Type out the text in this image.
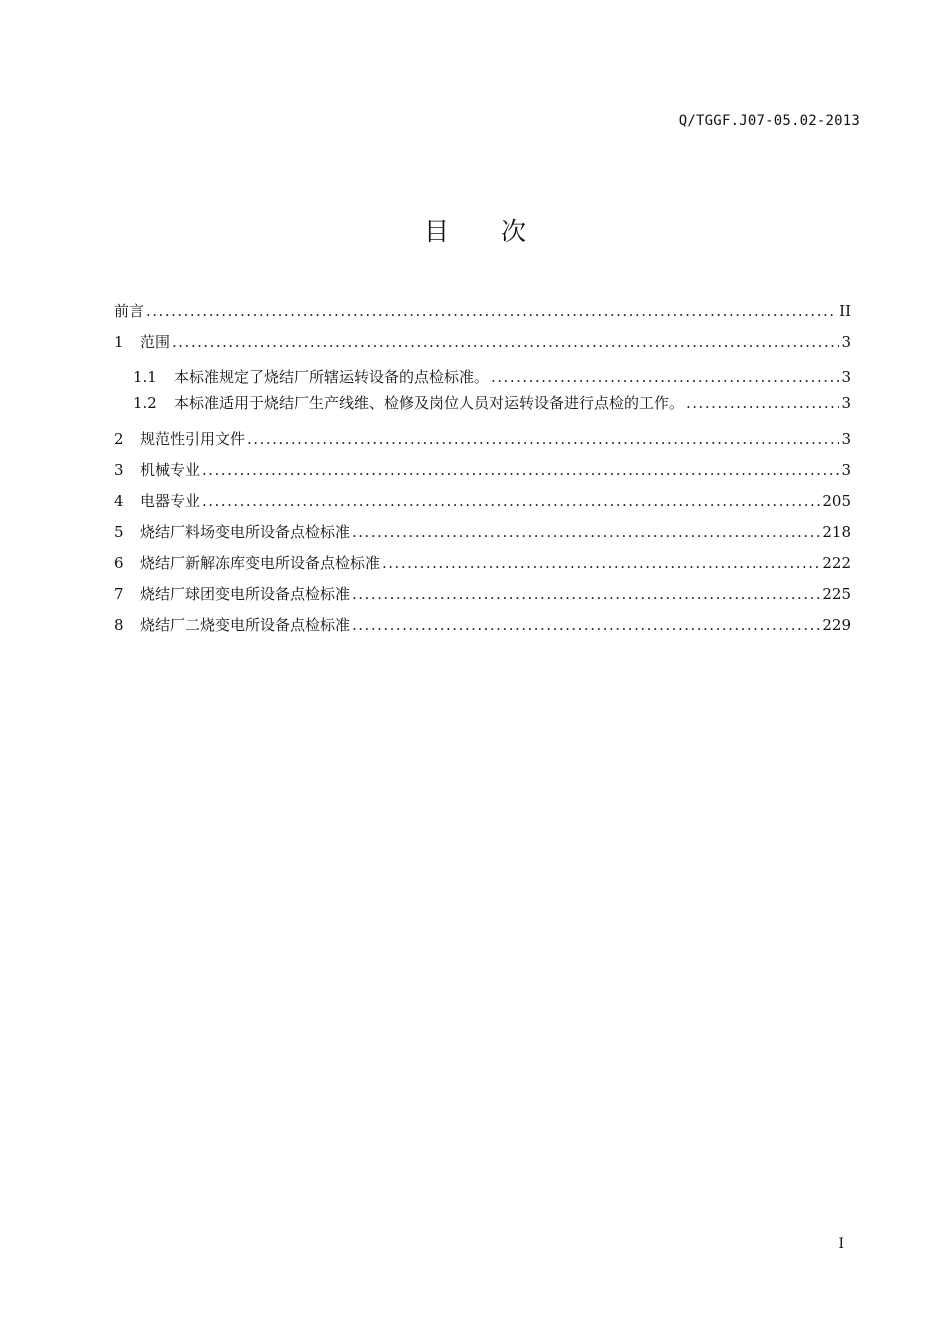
Q/TGGF.J07-05.02-2013
目 次
前言 .....	II
1	范围 .....	3
1.1	本标准规定了烧结厂所辖运转设备的点检标准。 .....	3
1.2	本标准适用于烧结厂生产线维、检修及岗位人员对运转设备进行点检的工作。 .....	3
2	规范性引用文件 .....	3
3	机械专业 .....	3
4	电器专业 .....	205
5	烧结厂料场变电所设备点检标准 .....	218
6	烧结厂新解冻库变电所设备点检标准 .....	222
7	烧结厂球团变电所设备点检标准 .....	225
8	烧结厂二烧变电所设备点检标准 .....	229
I
